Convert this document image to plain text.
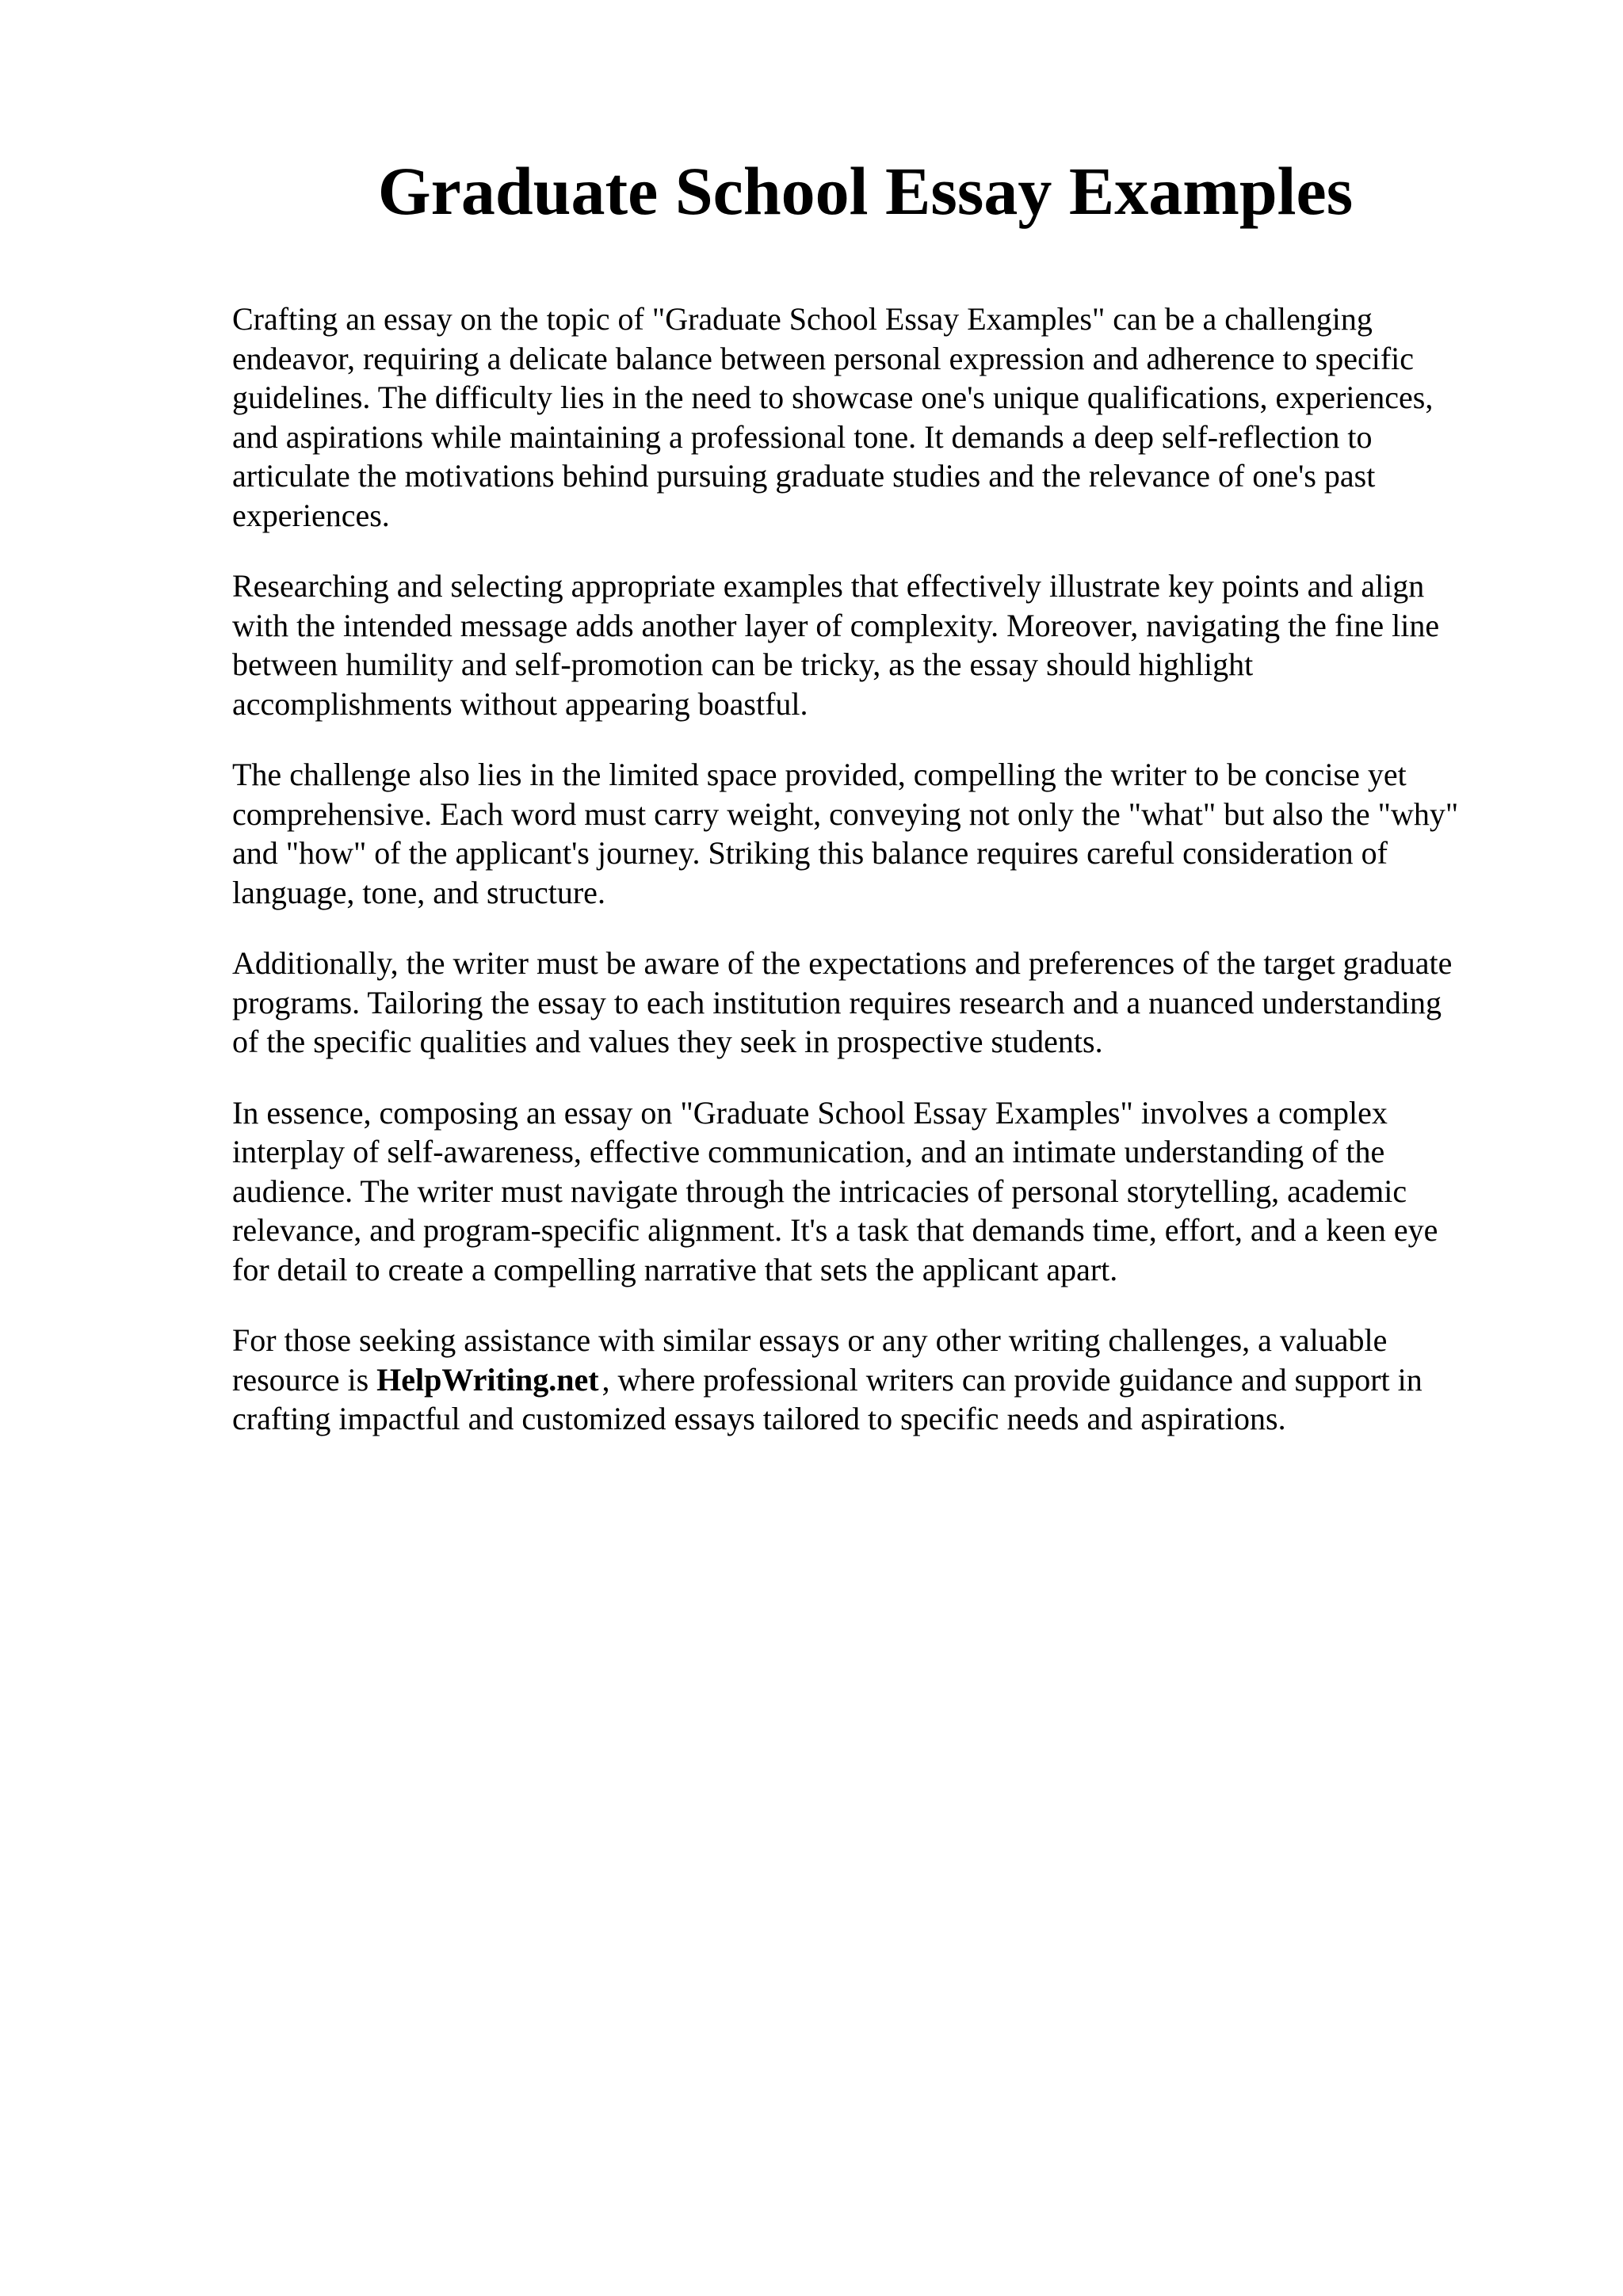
Graduate School Essay Examples

Crafting an essay on the topic of "Graduate School Essay Examples" can be a challenging
endeavor, requiring a delicate balance between personal expression and adherence to specific
guidelines. The difficulty lies in the need to showcase one's unique qualifications, experiences,
and aspirations while maintaining a professional tone. It demands a deep self-reflection to
articulate the motivations behind pursuing graduate studies and the relevance of one's past
experiences.

Researching and selecting appropriate examples that effectively illustrate key points and align
with the intended message adds another layer of complexity. Moreover, navigating the fine line
between humility and self-promotion can be tricky, as the essay should highlight
accomplishments without appearing boastful.

The challenge also lies in the limited space provided, compelling the writer to be concise yet
comprehensive. Each word must carry weight, conveying not only the "what" but also the "why"
and "how" of the applicant's journey. Striking this balance requires careful consideration of
language, tone, and structure.

Additionally, the writer must be aware of the expectations and preferences of the target graduate
programs. Tailoring the essay to each institution requires research and a nuanced understanding
of the specific qualities and values they seek in prospective students.

In essence, composing an essay on "Graduate School Essay Examples" involves a complex
interplay of self-awareness, effective communication, and an intimate understanding of the
audience. The writer must navigate through the intricacies of personal storytelling, academic
relevance, and program-specific alignment. It's a task that demands time, effort, and a keen eye
for detail to create a compelling narrative that sets the applicant apart.

For those seeking assistance with similar essays or any other writing challenges, a valuable
resource is HelpWriting.net , where professional writers can provide guidance and support in
crafting impactful and customized essays tailored to specific needs and aspirations.
